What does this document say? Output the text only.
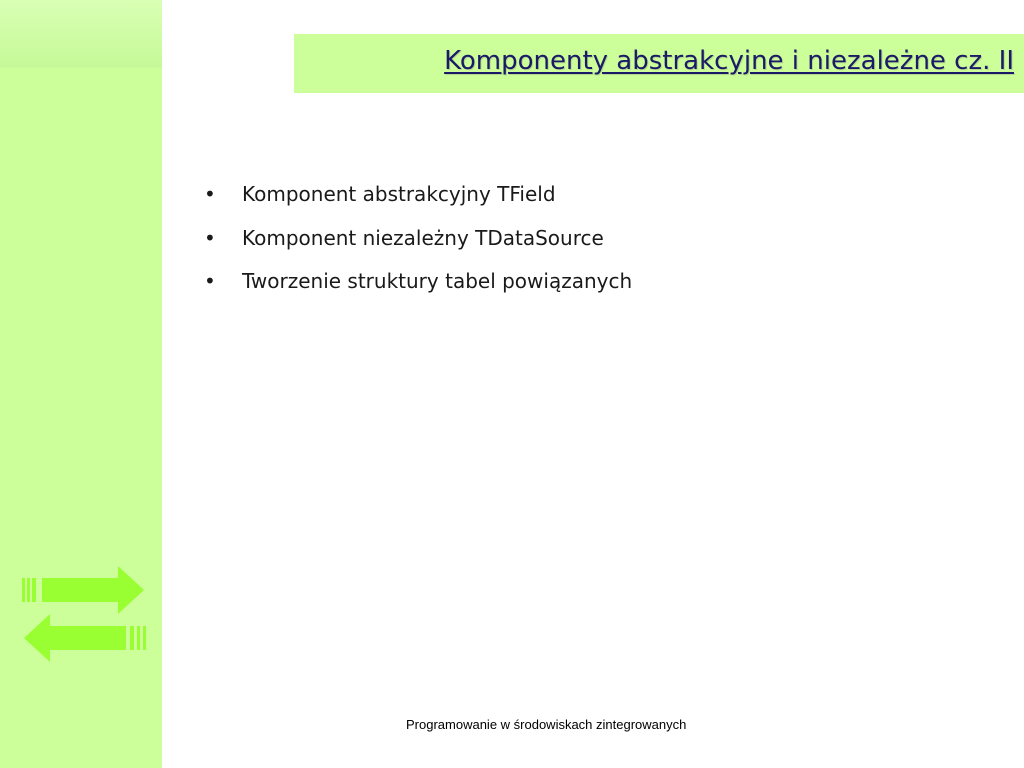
Komponenty abstrakcyjne i niezależne cz. II
• Komponent abstrakcyjny TField
• Komponent niezależny TDataSource
• Tworzenie struktury tabel powiązanych
Programowanie w środowiskach zintegrowanych
